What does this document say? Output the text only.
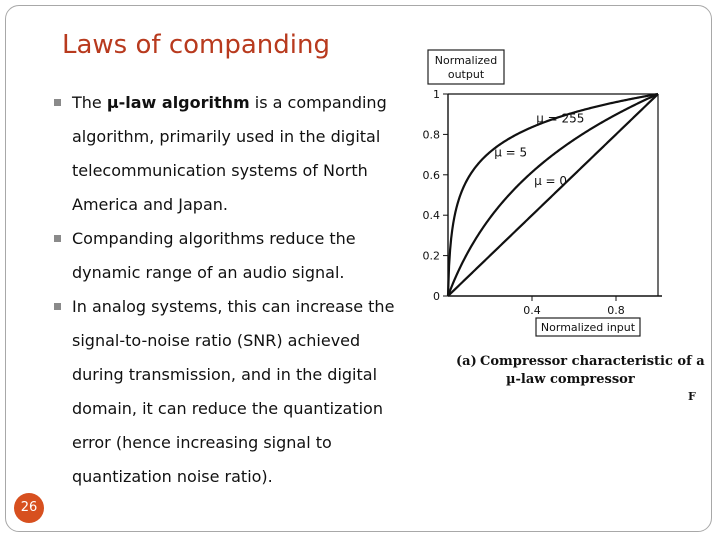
Laws of companding
The µ-law algorithm is a companding algorithm, primarily used in the digital telecommunication systems of North America and Japan.
Companding algorithms reduce the dynamic range of an audio signal.
In analog systems, this can increase the signal-to-noise ratio (SNR) achieved during transmission, and in the digital domain, it can reduce the quantization error (hence increasing signal to quantization noise ratio).
Normalized
output
0
0.2
0.4
0.6
0.8
1
0.4	0.8
µ = 255
µ = 5
µ = 0
Normalized input
(a) Compressor characteristic of a
µ-law compressor
F
26
